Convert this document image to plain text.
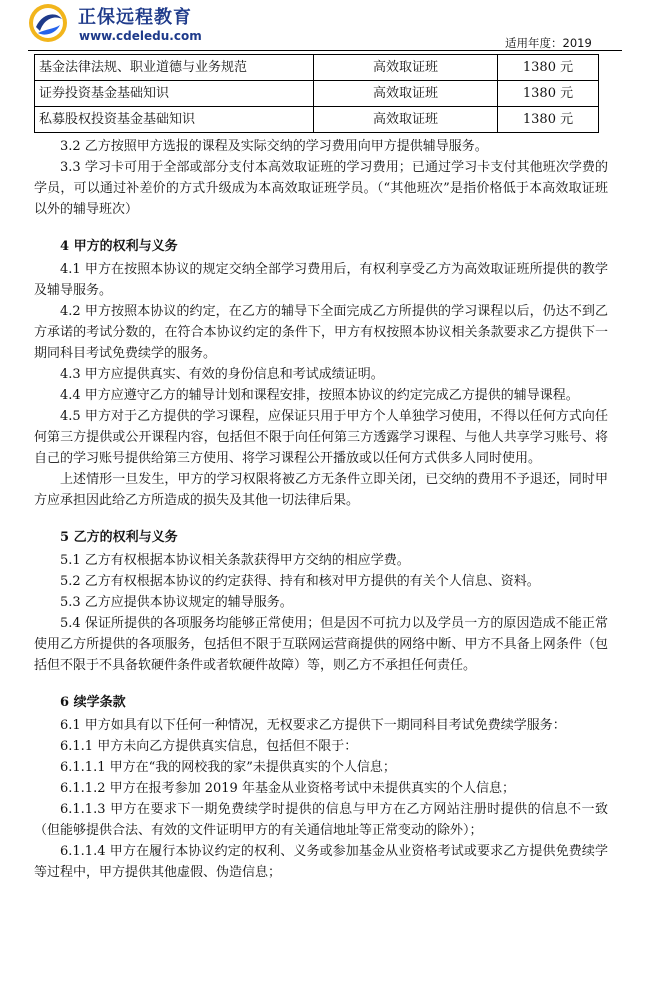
正保远程教育
www.cdeledu.com	适用年度：2019
基金法律法规、职业道德与业务规范	高效取证班	1380 元
证券投资基金基础知识	高效取证班	1380 元
私募股权投资基金基础知识	高效取证班	1380 元

3.2 乙方按照甲方选报的课程及实际交纳的学习费用向甲方提供辅导服务。

3.3 学习卡可用于全部或部分支付本高效取证班的学习费用；已通过学习卡支付其他班次学费的学员，可以通过补差价的方式升级成为本高效取证班学员。（“其他班次”是指价格低于本高效取证班以外的辅导班次）

4 甲方的权利与义务

4.1 甲方在按照本协议的规定交纳全部学习费用后，有权利享受乙方为高效取证班所提供的教学及辅导服务。

4.2 甲方按照本协议的约定，在乙方的辅导下全面完成乙方所提供的学习课程以后，仍达不到乙方承诺的考试分数的，在符合本协议约定的条件下，甲方有权按照本协议相关条款要求乙方提供下一期同科目考试免费续学的服务。

4.3 甲方应提供真实、有效的身份信息和考试成绩证明。

4.4 甲方应遵守乙方的辅导计划和课程安排，按照本协议的约定完成乙方提供的辅导课程。

4.5 甲方对于乙方提供的学习课程，应保证只用于甲方个人单独学习使用，不得以任何方式向任何第三方提供或公开课程内容，包括但不限于向任何第三方透露学习课程、与他人共享学习账号、将自己的学习账号提供给第三方使用、将学习课程公开播放或以任何方式供多人同时使用。

上述情形一旦发生，甲方的学习权限将被乙方无条件立即关闭，已交纳的费用不予退还，同时甲方应承担因此给乙方所造成的损失及其他一切法律后果。

5 乙方的权利与义务

5.1 乙方有权根据本协议相关条款获得甲方交纳的相应学费。

5.2 乙方有权根据本协议的约定获得、持有和核对甲方提供的有关个人信息、资料。

5.3 乙方应提供本协议规定的辅导服务。

5.4 保证所提供的各项服务均能够正常使用；但是因不可抗力以及学员一方的原因造成不能正常使用乙方所提供的各项服务，包括但不限于互联网运营商提供的网络中断、甲方不具备上网条件（包括但不限于不具备软硬件条件或者软硬件故障）等，则乙方不承担任何责任。

6 续学条款

6.1 甲方如具有以下任何一种情况，无权要求乙方提供下一期同科目考试免费续学服务：

6.1.1 甲方未向乙方提供真实信息，包括但不限于：

6.1.1.1 甲方在“我的网校我的家”未提供真实的个人信息；

6.1.1.2 甲方在报考参加 2019 年基金从业资格考试中未提供真实的个人信息；

6.1.1.3 甲方在要求下一期免费续学时提供的信息与甲方在乙方网站注册时提供的信息不一致（但能够提供合法、有效的文件证明甲方的有关通信地址等正常变动的除外）；

6.1.1.4 甲方在履行本协议约定的权利、义务或参加基金从业资格考试或要求乙方提供免费续学等过程中，甲方提供其他虚假、伪造信息；
